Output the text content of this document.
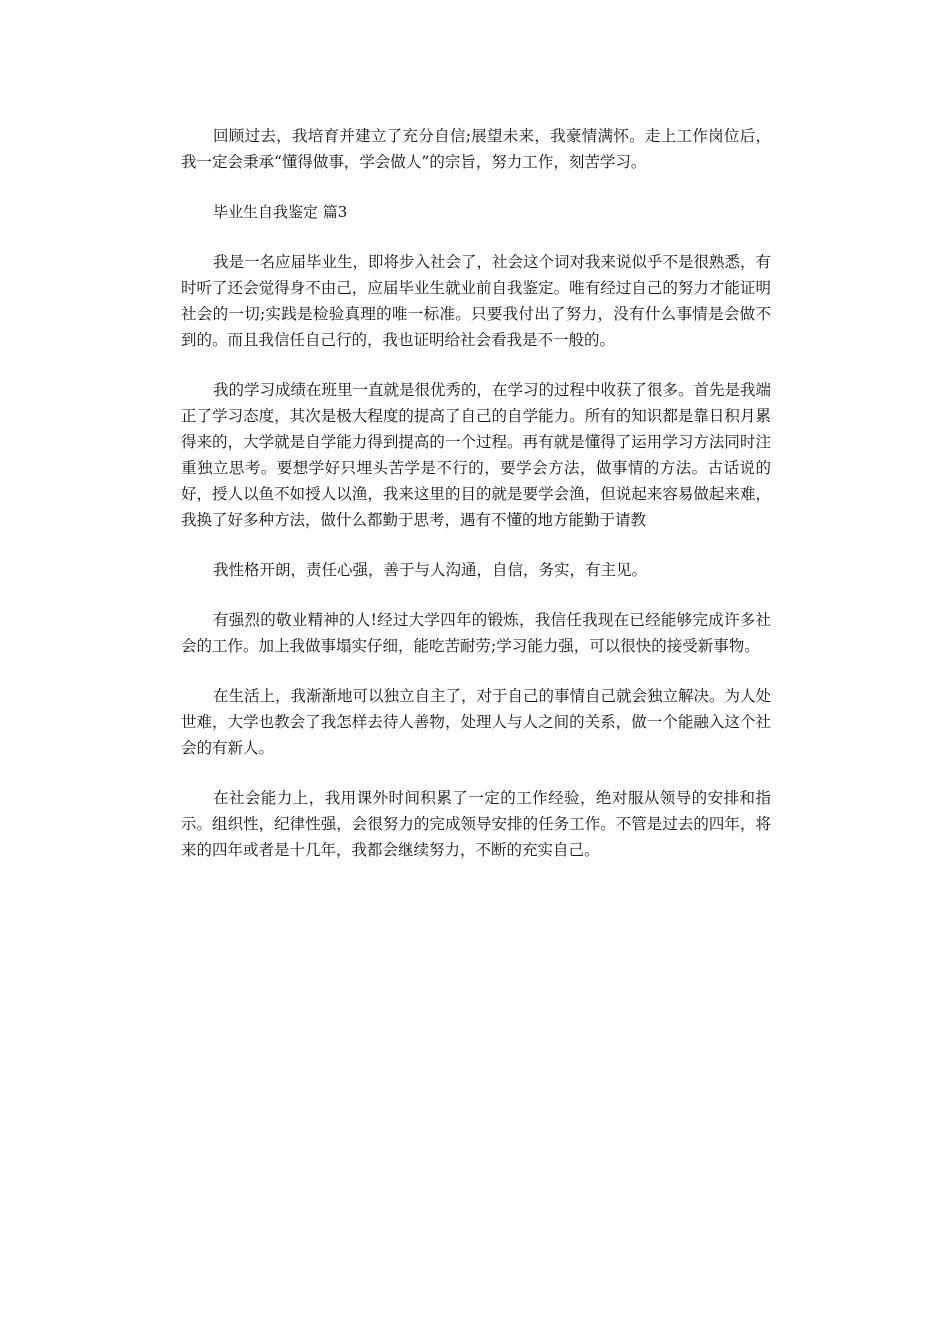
回顾过去，我培育并建立了充分自信;展望未来，我豪情满怀。走上工作岗位后，我一定会秉承“懂得做事，学会做人”的宗旨，努力工作，刻苦学习。

毕业生自我鉴定 篇3

我是一名应届毕业生，即将步入社会了，社会这个词对我来说似乎不是很熟悉，有时听了还会觉得身不由己，应届毕业生就业前自我鉴定。唯有经过自己的努力才能证明社会的一切;实践是检验真理的唯一标准。只要我付出了努力，没有什么事情是会做不到的。而且我信任自己行的，我也证明给社会看我是不一般的。

我的学习成绩在班里一直就是很优秀的，在学习的过程中收获了很多。首先是我端正了学习态度，其次是极大程度的提高了自己的自学能力。所有的知识都是靠日积月累得来的，大学就是自学能力得到提高的一个过程。再有就是懂得了运用学习方法同时注重独立思考。要想学好只埋头苦学是不行的，要学会方法，做事情的方法。古话说的好，授人以鱼不如授人以渔，我来这里的目的就是要学会渔，但说起来容易做起来难，我换了好多种方法，做什么都勤于思考，遇有不懂的地方能勤于请教

我性格开朗，责任心强，善于与人沟通，自信，务实，有主见。

有强烈的敬业精神的人!经过大学四年的锻炼，我信任我现在已经能够完成许多社会的工作。加上我做事塌实仔细，能吃苦耐劳;学习能力强，可以很快的接受新事物。

在生活上，我渐渐地可以独立自主了，对于自己的事情自己就会独立解决。为人处世难，大学也教会了我怎样去待人善物，处理人与人之间的关系，做一个能融入这个社会的有新人。

在社会能力上，我用课外时间积累了一定的工作经验，绝对服从领导的安排和指示。组织性，纪律性强，会很努力的完成领导安排的任务工作。不管是过去的四年，将来的四年或者是十几年，我都会继续努力，不断的充实自己。
